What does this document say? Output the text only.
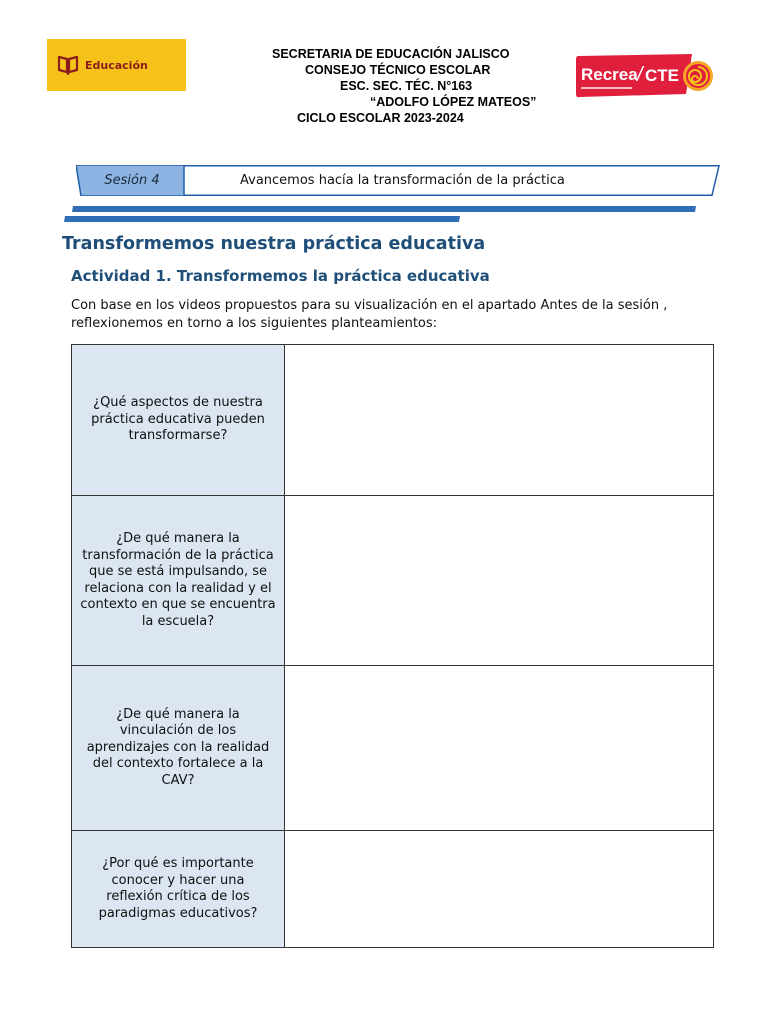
Educación
SECRETARIA DE EDUCACIÓN JALISCO
CONSEJO TÉCNICO ESCOLAR
ESC. SEC. TÉC. N°163
“ADOLFO LÓPEZ MATEOS”
CICLO ESCOLAR 2023-2024
Recrea / CTE
Sesión 4	Avancemos hacía la transformación de la práctica
Transformemos nuestra práctica educativa
Actividad 1. Transformemos la práctica educativa
Con base en los videos propuestos para su visualización en el apartado Antes de la sesión ,
reflexionemos en torno a los siguientes planteamientos:
¿Qué aspectos de nuestra práctica educativa pueden transformarse?	

¿De qué manera la transformación de la práctica que se está impulsando, se relaciona con la realidad y el contexto en que se encuentra la escuela?	

¿De qué manera la vinculación de los aprendizajes con la realidad del contexto fortalece a la CAV?	

¿Por qué es importante conocer y hacer una reflexión crítica de los paradigmas educativos?	
